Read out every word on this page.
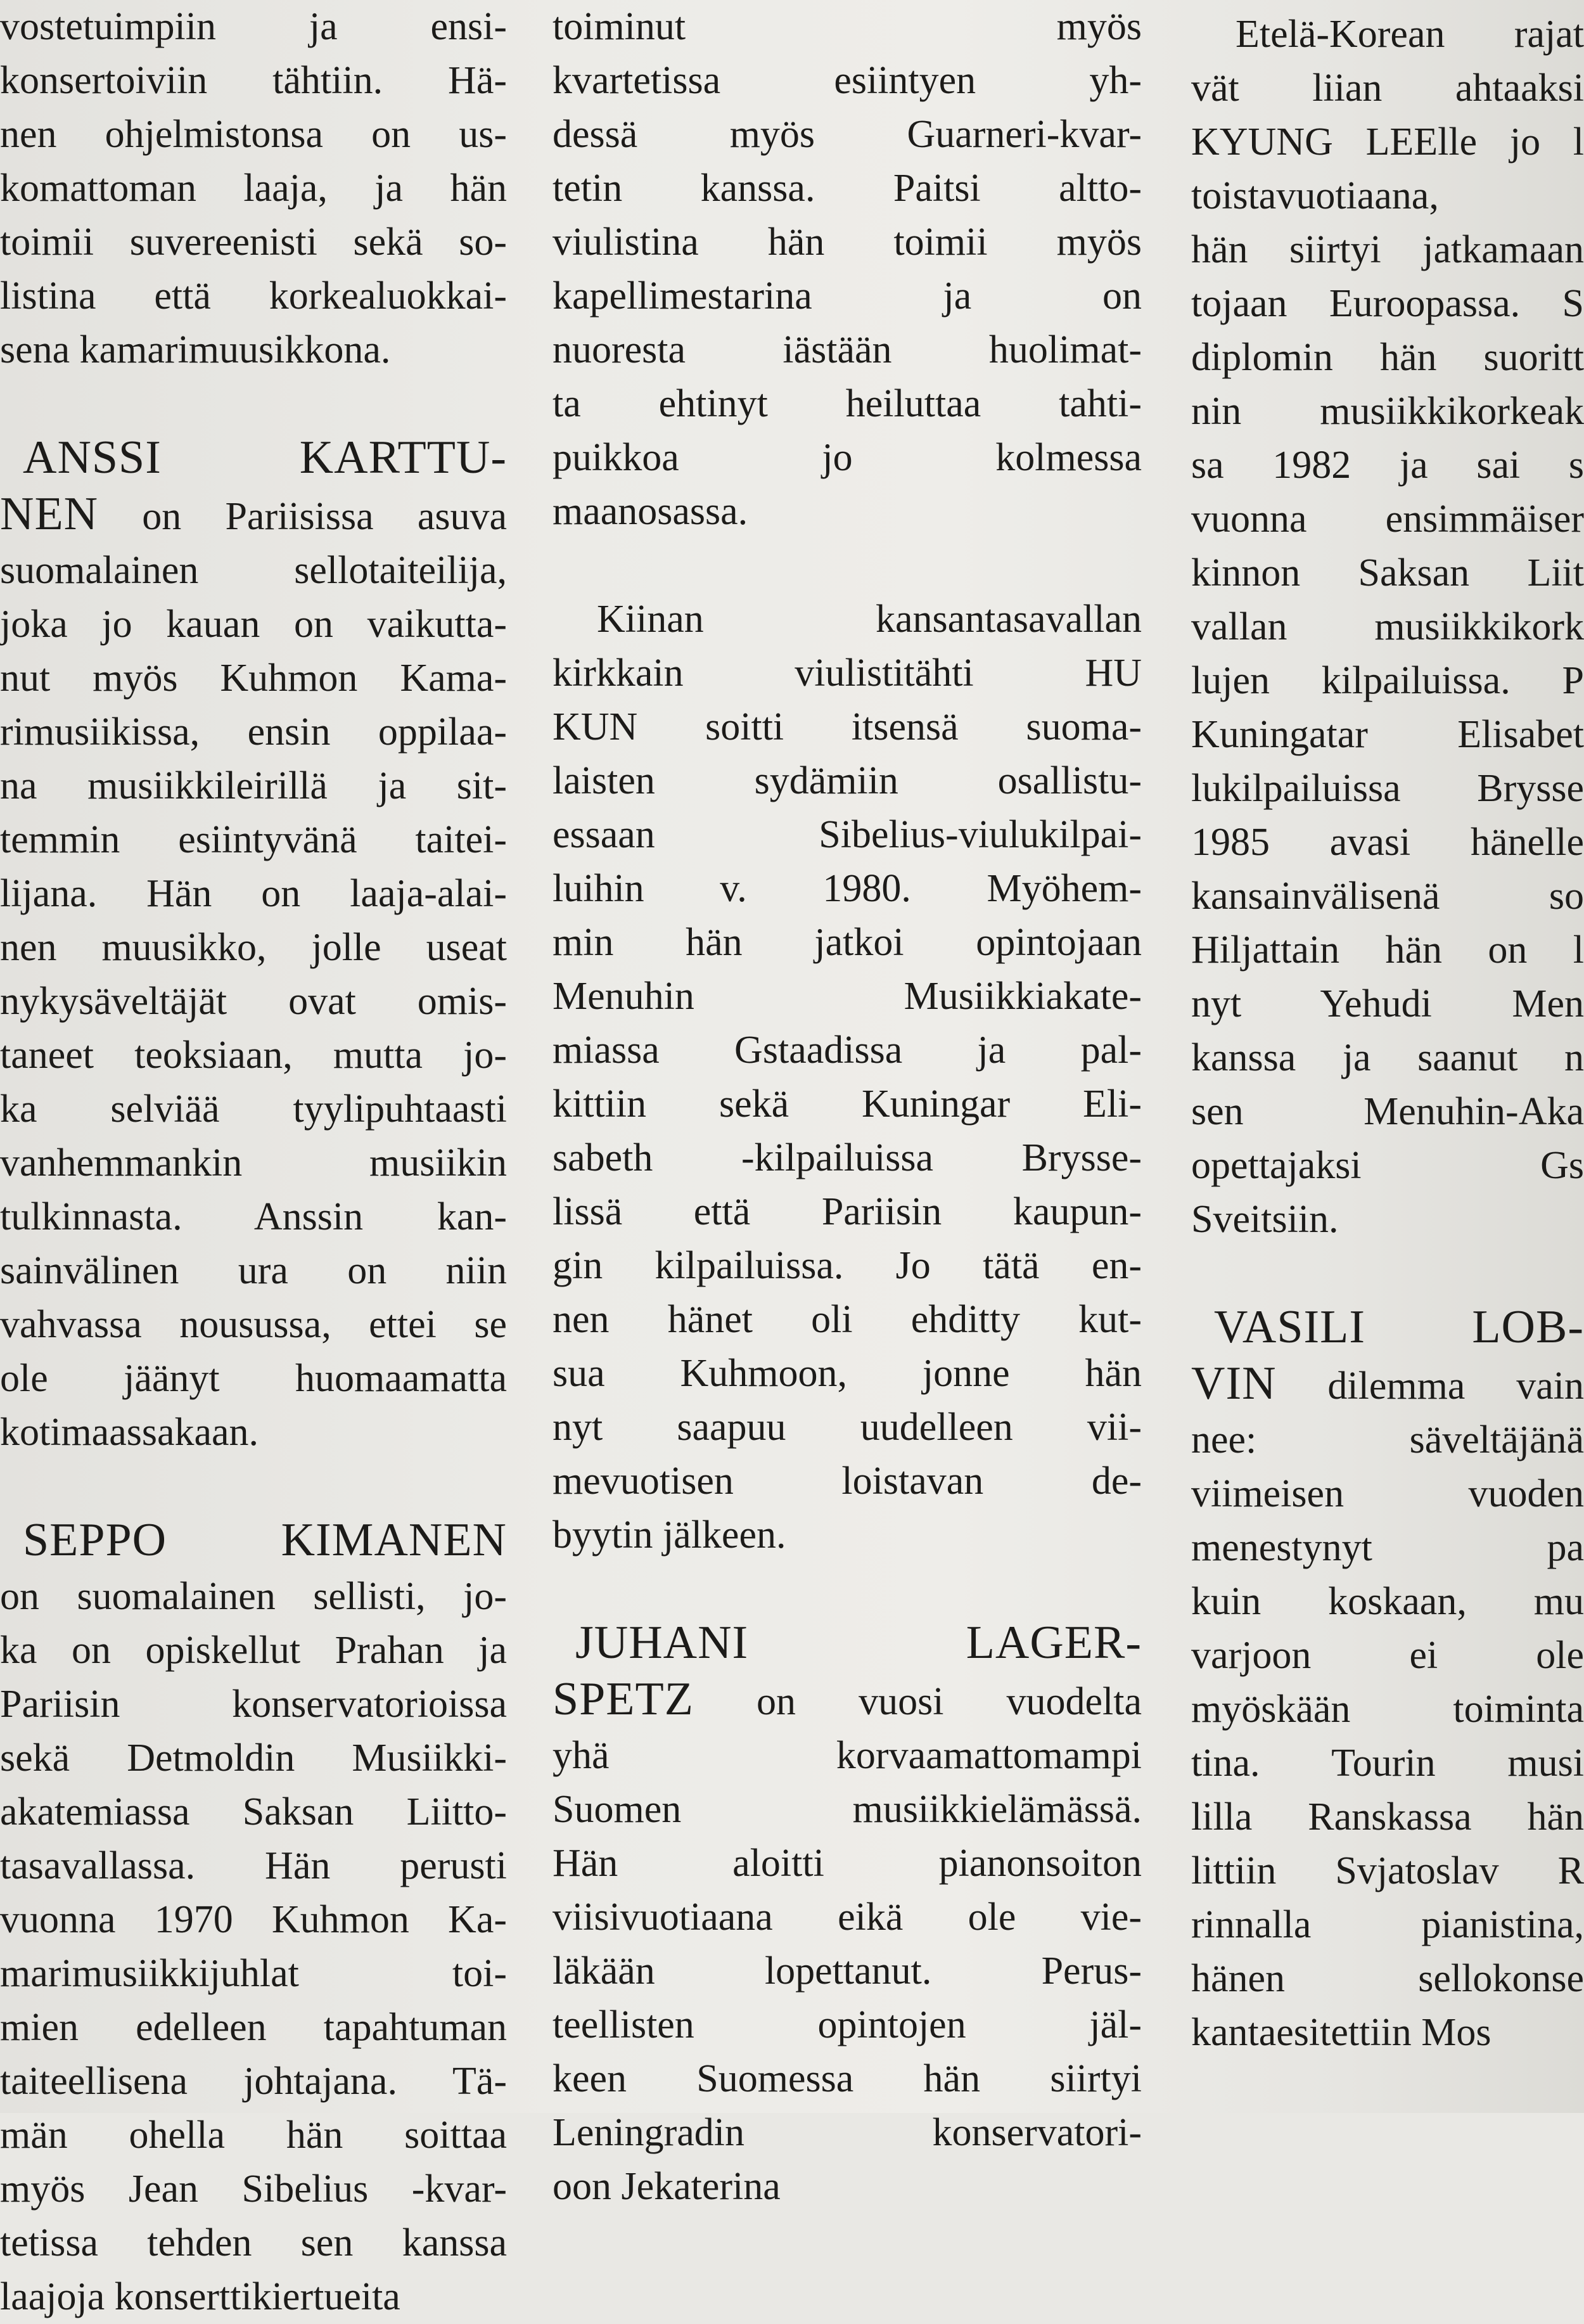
vostetuimpiin ja ensi-
konsertoiviin tähtiin. Hä-
nen ohjelmistonsa on us-
komattoman laaja, ja hän
toimii suvereenisti sekä so-
listina että korkealuokkai-
sena kamarimuusikkona.
ANSSI KARTTU-
NEN on Pariisissa asuva
suomalainen sellotaiteilija,
joka jo kauan on vaikutta-
nut myös Kuhmon Kama-
rimusiikissa, ensin oppilaa-
na musiikkileirillä ja sit-
temmin esiintyvänä taitei-
lijana. Hän on laaja-alai-
nen muusikko, jolle useat
nykysäveltäjät ovat omis-
taneet teoksiaan, mutta jo-
ka selviää tyylipuhtaasti
vanhemmankin musiikin
tulkinnasta. Anssin kan-
sainvälinen ura on niin
vahvassa nousussa, ettei se
ole jäänyt huomaamatta
kotimaassakaan.
SEPPO KIMANEN
on suomalainen sellisti, jo-
ka on opiskellut Prahan ja
Pariisin konservatorioissa
sekä Detmoldin Musiikki-
akatemiassa Saksan Liitto-
tasavallassa. Hän perusti
vuonna 1970 Kuhmon Ka-
marimusiikkijuhlat toi-
mien edelleen tapahtuman
taiteellisena johtajana. Tä-
män ohella hän soittaa
myös Jean Sibelius -kvar-
tetissa tehden sen kanssa
laajoja konserttikiertueita
toiminut myös
kvartetissa esiintyen yh-
dessä myös Guarneri-kvar-
tetin kanssa. Paitsi altto-
viulistina hän toimii myös
kapellimestarina ja on
nuoresta iästään huolimat-
ta ehtinyt heiluttaa tahti-
puikkoa jo kolmessa
maanosassa.
Kiinan kansantasavallan
kirkkain viulistitähti HU
KUN soitti itsensä suoma-
laisten sydämiin osallistu-
essaan Sibelius-viulukilpai-
luihin v. 1980. Myöhem-
min hän jatkoi opintojaan
Menuhin Musiikkiakate-
miassa Gstaadissa ja pal-
kittiin sekä Kuningar Eli-
sabeth -kilpailuissa Brysse-
lissä että Pariisin kaupun-
gin kilpailuissa. Jo tätä en-
nen hänet oli ehditty kut-
sua Kuhmoon, jonne hän
nyt saapuu uudelleen vii-
mevuotisen loistavan de-
byytin jälkeen.
JUHANI LAGER-
SPETZ on vuosi vuodelta
yhä korvaamattomampi
Suomen musiikkielämässä.
Hän aloitti pianonsoiton
viisivuotiaana eikä ole vie-
läkään lopettanut. Perus-
teellisten opintojen jäl-
keen Suomessa hän siirtyi
Leningradin konservatori-
oon Jekaterina
Etelä-Korean rajat
vät liian ahtaaksi
KYUNG LEElle jo l
toistavuotiaana,
hän siirtyi jatkamaan
tojaan Euroopassa. S
diplomin hän suoritt
nin musiikkikorkeak
sa 1982 ja sai s
vuonna ensimmäiser
kinnon Saksan Liit
vallan musiikkikork
lujen kilpailuissa. P
Kuningatar Elisabet
lukilpailuissa Brysse
1985 avasi hänelle
kansainvälisenä so
Hiljattain hän on l
nyt Yehudi Men
kanssa ja saanut n
sen Menuhin-Aka
opettajaksi Gs
Sveitsiin.
VASILI LOB-
VIN dilemma vain
nee: säveltäjänä
viimeisen vuoden
menestynyt pa
kuin koskaan, mu
varjoon ei ole
myöskään toiminta
tina. Tourin musi
lilla Ranskassa hän
littiin Svjatoslav R
rinnalla pianistina,
hänen sellokonse
kantaesitettiin Mos
